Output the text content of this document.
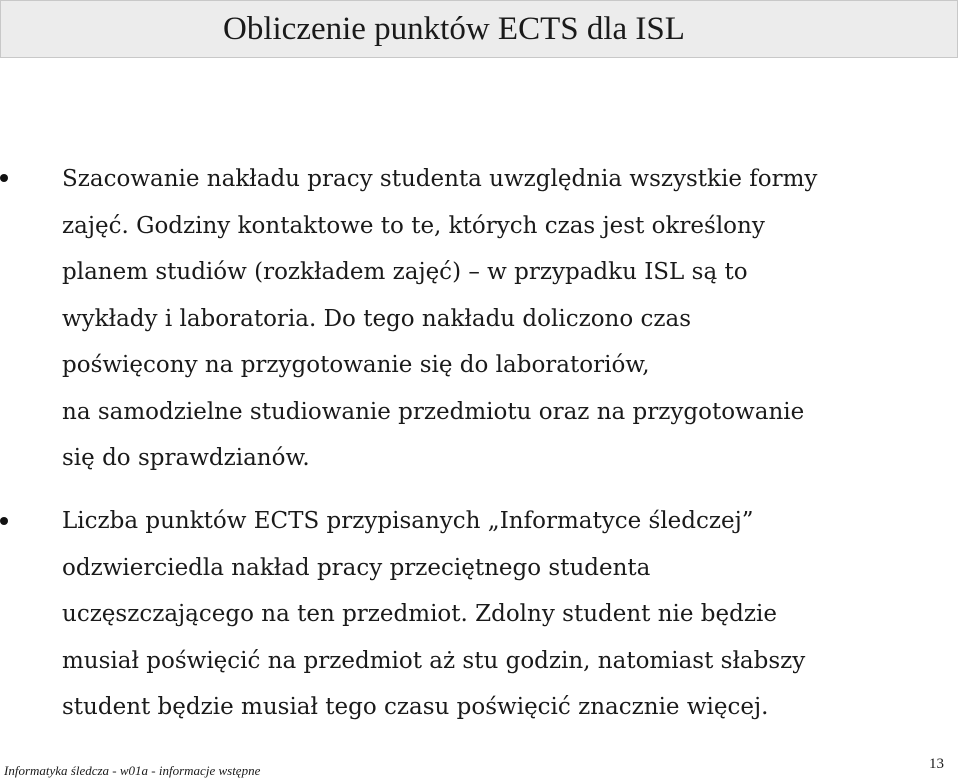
Obliczenie punktów ECTS dla ISL
Szacowanie nakładu pracy studenta uwzględnia wszystkie formy
zajęć. Godziny kontaktowe to te, których czas jest określony
planem studiów (rozkładem zajęć) – w przypadku ISL są to
wykłady i laboratoria. Do tego nakładu doliczono czas
poświęcony na przygotowanie się do laboratoriów,
na samodzielne studiowanie przedmiotu oraz na przygotowanie
się do sprawdzianów.
Liczba punktów ECTS przypisanych „Informatyce śledczej”
odzwierciedla nakład pracy przeciętnego studenta
uczęszczającego na ten przedmiot. Zdolny student nie będzie
musiał poświęcić na przedmiot aż stu godzin, natomiast słabszy
student będzie musiał tego czasu poświęcić znacznie więcej.
Informatyka śledcza - w01a - informacje wstępne	13
